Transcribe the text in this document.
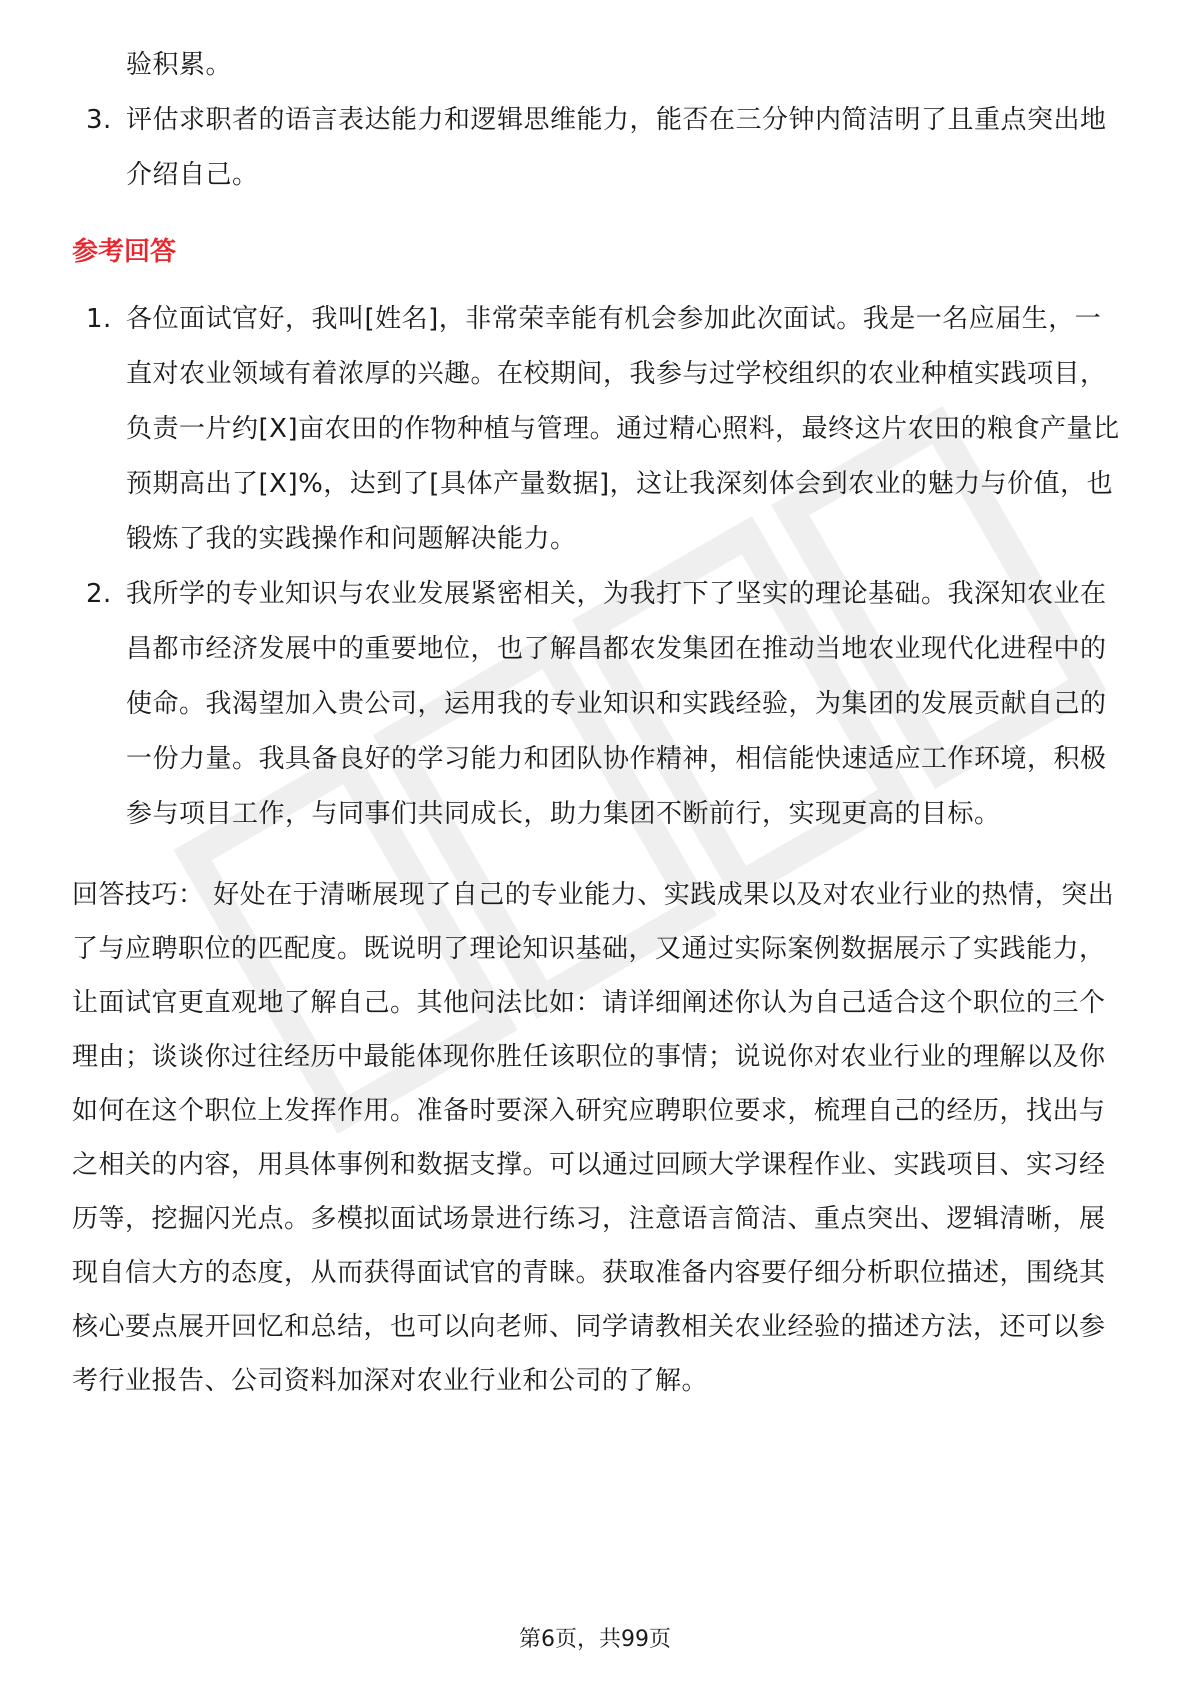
验积累。
3. 评估求职者的语言表达能力和逻辑思维能力，能否在三分钟内简洁明了且重点突出地介绍自己。
参考回答
1. 各位面试官好，我叫[姓名]，非常荣幸能有机会参加此次面试。我是一名应届生，一直对农业领域有着浓厚的兴趣。在校期间，我参与过学校组织的农业种植实践项目，负责一片约[X]亩农田的作物种植与管理。通过精心照料，最终这片农田的粮食产量比预期高出了[X]%，达到了[具体产量数据]，这让我深刻体会到农业的魅力与价值，也锻炼了我的实践操作和问题解决能力。
2. 我所学的专业知识与农业发展紧密相关，为我打下了坚实的理论基础。我深知农业在昌都市经济发展中的重要地位，也了解昌都农发集团在推动当地农业现代化进程中的使命。我渴望加入贵公司，运用我的专业知识和实践经验，为集团的发展贡献自己的一份力量。我具备良好的学习能力和团队协作精神，相信能快速适应工作环境，积极参与项目工作，与同事们共同成长，助力集团不断前行，实现更高的目标。
回答技巧： 好处在于清晰展现了自己的专业能力、实践成果以及对农业行业的热情，突出了与应聘职位的匹配度。既说明了理论知识基础，又通过实际案例数据展示了实践能力，让面试官更直观地了解自己。其他问法比如：请详细阐述你认为自己适合这个职位的三个理由；谈谈你过往经历中最能体现你胜任该职位的事情；说说你对农业行业的理解以及你如何在这个职位上发挥作用。准备时要深入研究应聘职位要求，梳理自己的经历，找出与之相关的内容，用具体事例和数据支撑。可以通过回顾大学课程作业、实践项目、实习经历等，挖掘闪光点。多模拟面试场景进行练习，注意语言简洁、重点突出、逻辑清晰，展现自信大方的态度，从而获得面试官的青睐。获取准备内容要仔细分析职位描述，围绕其核心要点展开回忆和总结，也可以向老师、同学请教相关农业经验的描述方法，还可以参考行业报告、公司资料加深对农业行业和公司的了解。
第6页，共99页
